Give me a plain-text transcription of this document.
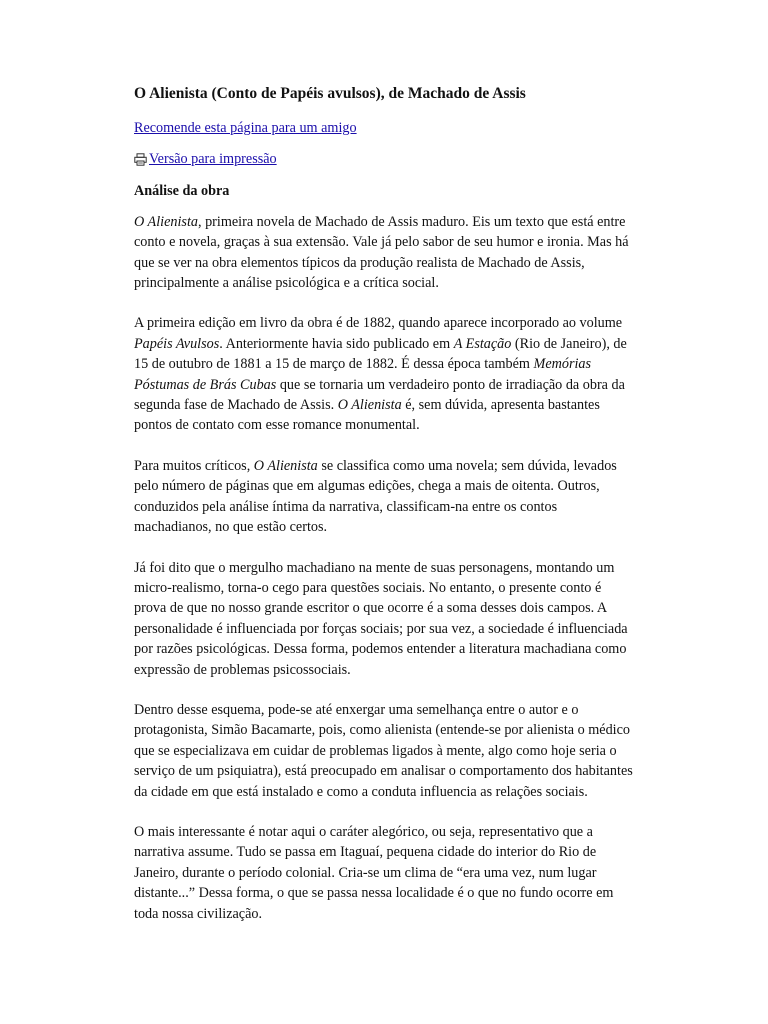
O Alienista (Conto de Papéis avulsos), de Machado de Assis
Recomende esta página para um amigo
Versão para impressão
Análise da obra

O Alienista, primeira novela de Machado de Assis maduro. Eis um texto que está entre conto e novela, graças à sua extensão. Vale já pelo sabor de seu humor e ironia. Mas há que se ver na obra elementos típicos da produção realista de Machado de Assis, principalmente a análise psicológica e a crítica social.

A primeira edição em livro da obra é de 1882, quando aparece incorporado ao volume Papéis Avulsos. Anteriormente havia sido publicado em A Estação (Rio de Janeiro), de 15 de outubro de 1881 a 15 de março de 1882. É dessa época também Memórias Póstumas de Brás Cubas que se tornaria um verdadeiro ponto de irradiação da obra da segunda fase de Machado de Assis. O Alienista é, sem dúvida, apresenta bastantes pontos de contato com esse romance monumental.

Para muitos críticos, O Alienista se classifica como uma novela; sem dúvida, levados pelo número de páginas que em algumas edições, chega a mais de oitenta. Outros, conduzidos pela análise íntima da narrativa, classificam-na entre os contos machadianos, no que estão certos.

Já foi dito que o mergulho machadiano na mente de suas personagens, montando um micro-realismo, torna-o cego para questões sociais. No entanto, o presente conto é prova de que no nosso grande escritor o que ocorre é a soma desses dois campos. A personalidade é influenciada por forças sociais; por sua vez, a sociedade é influenciada por razões psicológicas. Dessa forma, podemos entender a literatura machadiana como expressão de problemas psicossociais.

Dentro desse esquema, pode-se até enxergar uma semelhança entre o autor e o protagonista, Simão Bacamarte, pois, como alienista (entende-se por alienista o médico que se especializava em cuidar de problemas ligados à mente, algo como hoje seria o serviço de um psiquiatra), está preocupado em analisar o comportamento dos habitantes da cidade em que está instalado e como a conduta influencia as relações sociais.

O mais interessante é notar aqui o caráter alegórico, ou seja, representativo que a narrativa assume. Tudo se passa em Itaguaí, pequena cidade do interior do Rio de Janeiro, durante o período colonial. Cria-se um clima de “era uma vez, num lugar distante...” Dessa forma, o que se passa nessa localidade é o que no fundo ocorre em toda nossa civilização.
